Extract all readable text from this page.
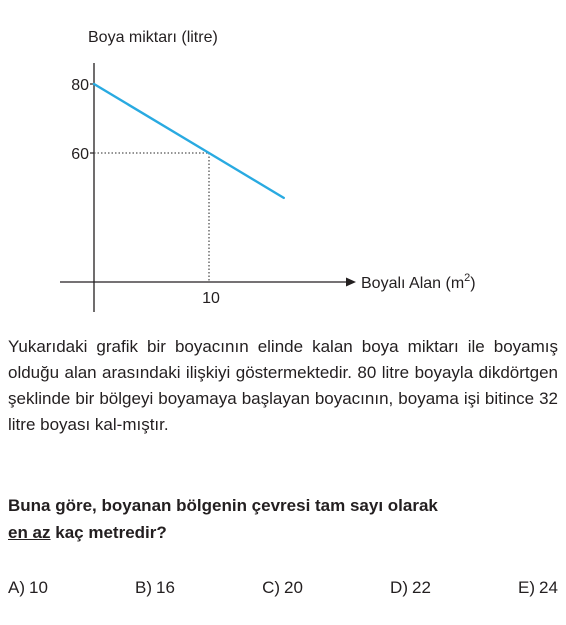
Boya miktarı (litre)
Boyalı Alan $(m^2)$
80
60
10

Yukarıdaki grafik bir boyacının elinde kalan boya miktarı ile boyamış olduğu alan arasındaki ilişkiyi göstermektedir. 80 litre boyayla dikdörtgen şeklinde bir bölgeyi boyamaya başlayan boyacının, boyama işi bitince 32 litre boyası kal-mıştır.

Buna göre, boyanan bölgenin çevresi tam sayı olarak
en az kaç metredir?

A) 10	B) 16	C) 20	D) 22	E) 24
